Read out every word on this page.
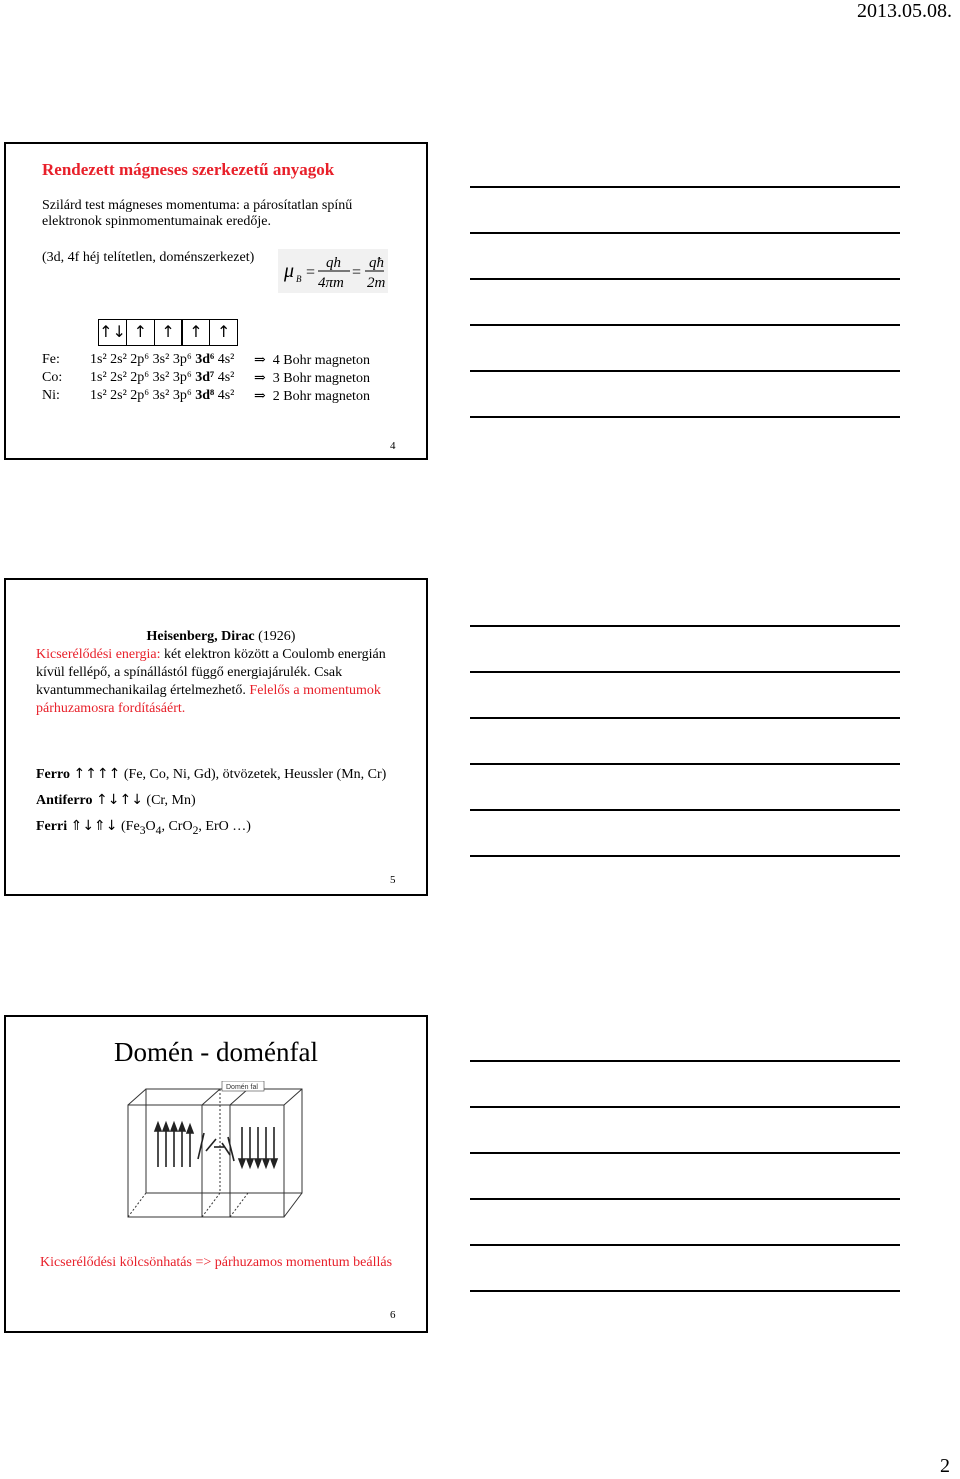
2013.05.08.
Rendezett mágneses szerkezetű anyagok
Szilárd test mágneses momentuma: a párosítatlan spínű elektronok spinmomentumainak eredője.
(3d, 4f héj telítetlen, doménszerkezet)
μ B =
qh
4πm
=
qħ
2m
↑↓ ↑ ↑ ↑ ↑
Fe: 1s² 2s² 2p⁶ 3s² 3p⁶ 3d⁶ 4s² ⇒ 4 Bohr magneton
Co: 1s² 2s² 2p⁶ 3s² 3p⁶ 3d⁷ 4s² ⇒ 3 Bohr magneton
Ni: 1s² 2s² 2p⁶ 3s² 3p⁶ 3d⁸ 4s² ⇒ 2 Bohr magneton
4
Heisenberg, Dirac (1926)
Kicserélődési energia: két elektron között a Coulomb energián kívül fellépő, a spínállástól függő energiajárulék. Csak kvantummechanikailag értelmezhető. Felelős a momentumok párhuzamosra fordításáért.
Ferro ↑↑↑↑ (Fe, Co, Ni, Gd), ötvözetek, Heussler (Mn, Cr)
Antiferro ↑↓↑↓ (Cr, Mn)
Ferri ⇑↓⇑↓ ($Fe_3O_4$, CrO$_2$, ErO …)
5
Domén - doménfal
Domén fal
Kicserélődési kölcsönhatás => párhuzamos momentum beállás
6
2
